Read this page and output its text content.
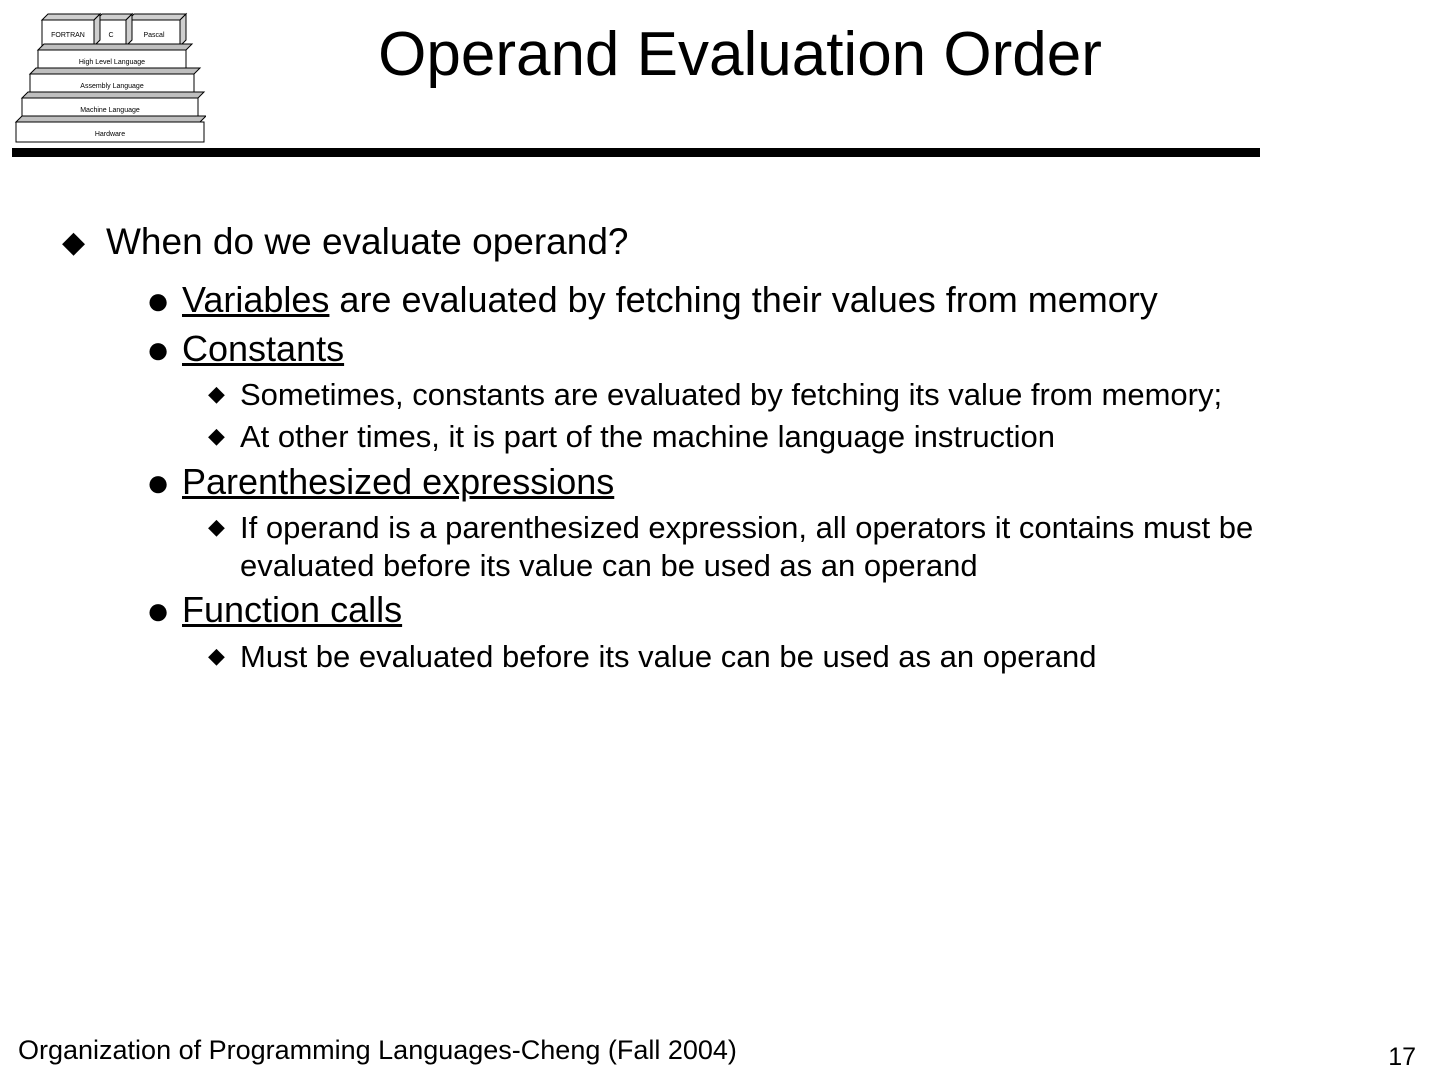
FORTRAN	C	Pascal
High Level Language
Assembly Language
Machine Language
Hardware
Operand Evaluation Order
◆ When do we evaluate operand?
● Variables are evaluated by fetching their values from memory
● Constants
◆ Sometimes, constants are evaluated by fetching its value from memory;
◆ At other times, it is part of the machine language instruction
● Parenthesized expressions
◆ If operand is a parenthesized expression, all operators it contains must be evaluated before its value can be used as an operand
● Function calls
◆ Must be evaluated before its value can be used as an operand
Organization of Programming Languages-Cheng (Fall 2004)	17
